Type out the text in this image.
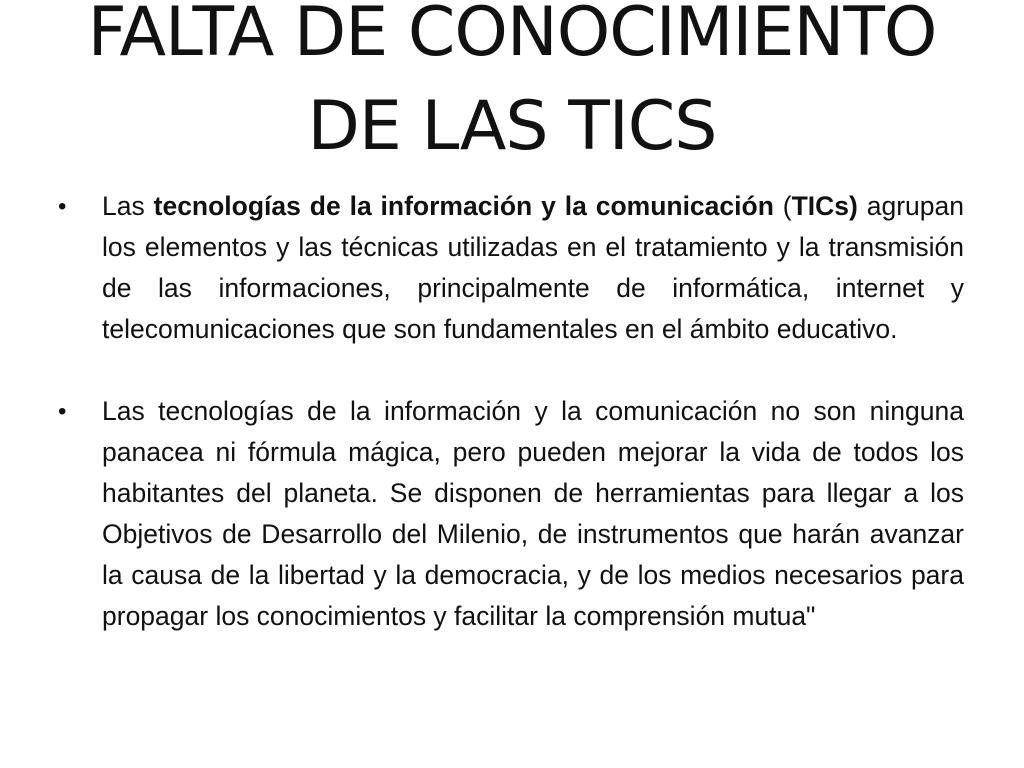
FALTA DE CONOCIMIENTO
DE LAS TICS
• Las tecnologías de la información y la comunicación (TICs) agrupan los elementos y las técnicas utilizadas en el tratamiento y la transmisión de las informaciones, principalmente de informática, internet y telecomunicaciones que son fundamentales en el ámbito educativo.
• Las tecnologías de la información y la comunicación no son ninguna panacea ni fórmula mágica, pero pueden mejorar la vida de todos los habitantes del planeta. Se disponen de herramientas para llegar a los Objetivos de Desarrollo del Milenio, de instrumentos que harán avanzar la causa de la libertad y la democracia, y de los medios necesarios para propagar los conocimientos y facilitar la comprensión mutua"
